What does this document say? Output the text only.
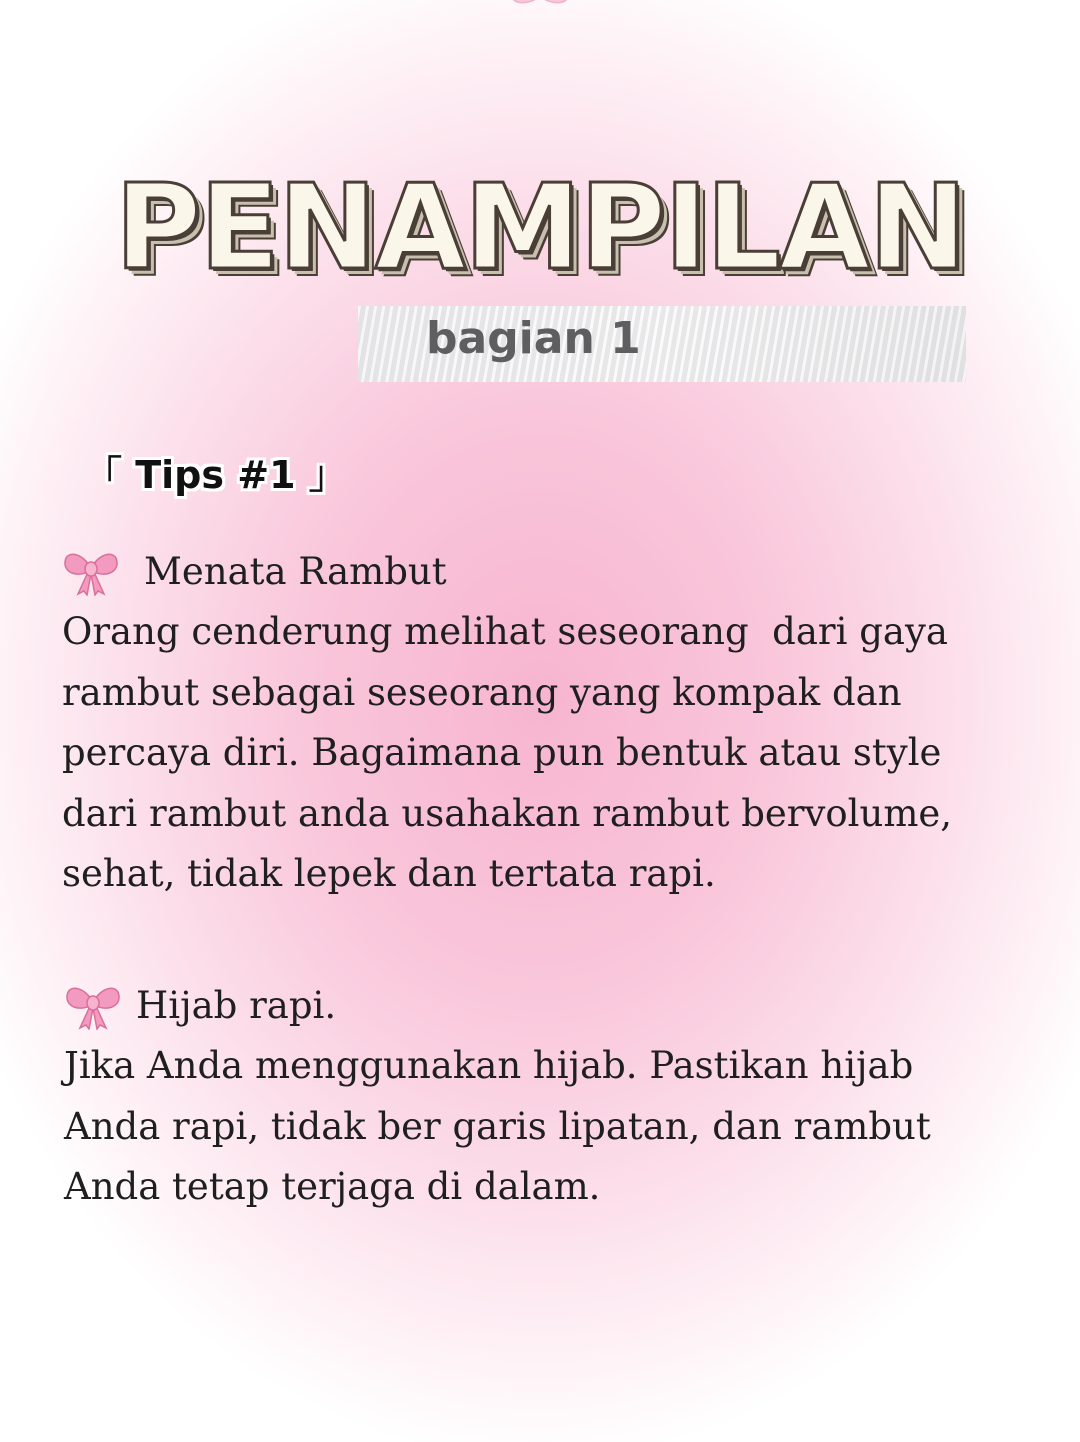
PENAMPILAN
bagian 1
「 Tips #1 」
Menata Rambut
Orang cenderung melihat seseorang  dari gaya
rambut sebagai seseorang yang kompak dan
percaya diri. Bagaimana pun bentuk atau style
dari rambut anda usahakan rambut bervolume,
sehat, tidak lepek dan tertata rapi.
Hijab rapi.
Jika Anda menggunakan hijab. Pastikan hijab
Anda rapi, tidak ber garis lipatan, dan rambut
Anda tetap terjaga di dalam.
